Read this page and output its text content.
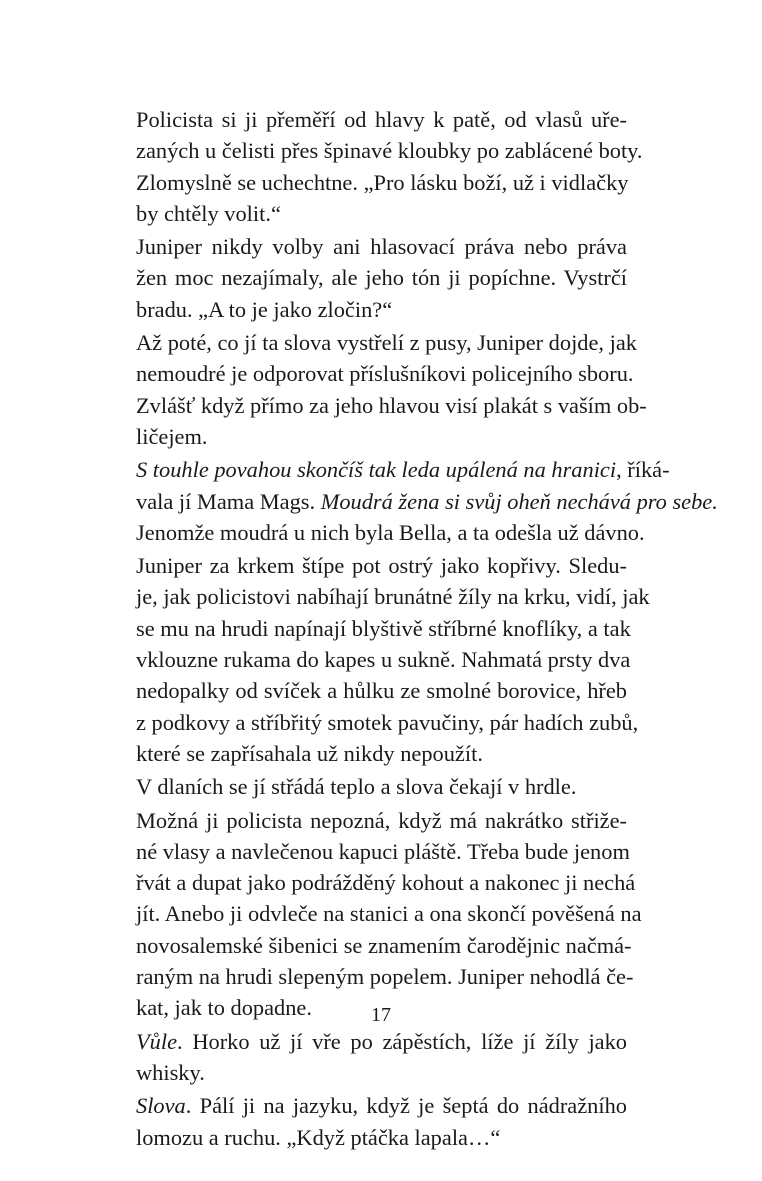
Policista si ji přeměří od hlavy k patě, od vlasů uře-
zaných u čelisti přes špinavé kloubky po zablácené boty.
Zlomyslně se uchechtne. „Pro lásku boží, už i vidlačky
by chtěly volit.“

Juniper nikdy volby ani hlasovací práva nebo práva
žen moc nezajímaly, ale jeho tón ji popíchne. Vystrčí
bradu. „A to je jako zločin?“

Až poté, co jí ta slova vystřelí z pusy, Juniper dojde, jak
nemoudré je odporovat příslušníkovi policejního sboru.
Zvlášť když přímo za jeho hlavou visí plakát s vaším ob-
ličejem.

S touhle povahou skončíš tak leda upálená na hranici, říká-
vala jí Mama Mags. Moudrá žena si svůj oheň nechává pro sebe.
Jenomže moudrá u nich byla Bella, a ta odešla už dávno.

Juniper za krkem štípe pot ostrý jako kopřivy. Sledu-
je, jak policistovi nabíhají brunátné žíly na krku, vidí, jak
se mu na hrudi napínají blyštivě stříbrné knoflíky, a tak
vklouzne rukama do kapes u sukně. Nahmatá prsty dva
nedopalky od svíček a hůlku ze smolné borovice, hřeb
z podkovy a stříbřitý smotek pavučiny, pár hadích zubů,
které se zapřísahala už nikdy nepoužít.

V dlaních se jí střádá teplo a slova čekají v hrdle.

Možná ji policista nepozná, když má nakrátko střiže-
né vlasy a navlečenou kapuci pláště. Třeba bude jenom
řvát a dupat jako podrážděný kohout a nakonec ji nechá
jít. Anebo ji odvleče na stanici a ona skončí pověšená na
novosalemské šibenici se znamením čarodějnic načmá-
raným na hrudi slepeným popelem. Juniper nehodlá če-
kat, jak to dopadne.

Vůle. Horko už jí vře po zápěstích, líže jí žíly jako
whisky.

Slova. Pálí ji na jazyku, když je šeptá do nádražního
lomozu a ruchu. „Když ptáčka lapala…“

17
